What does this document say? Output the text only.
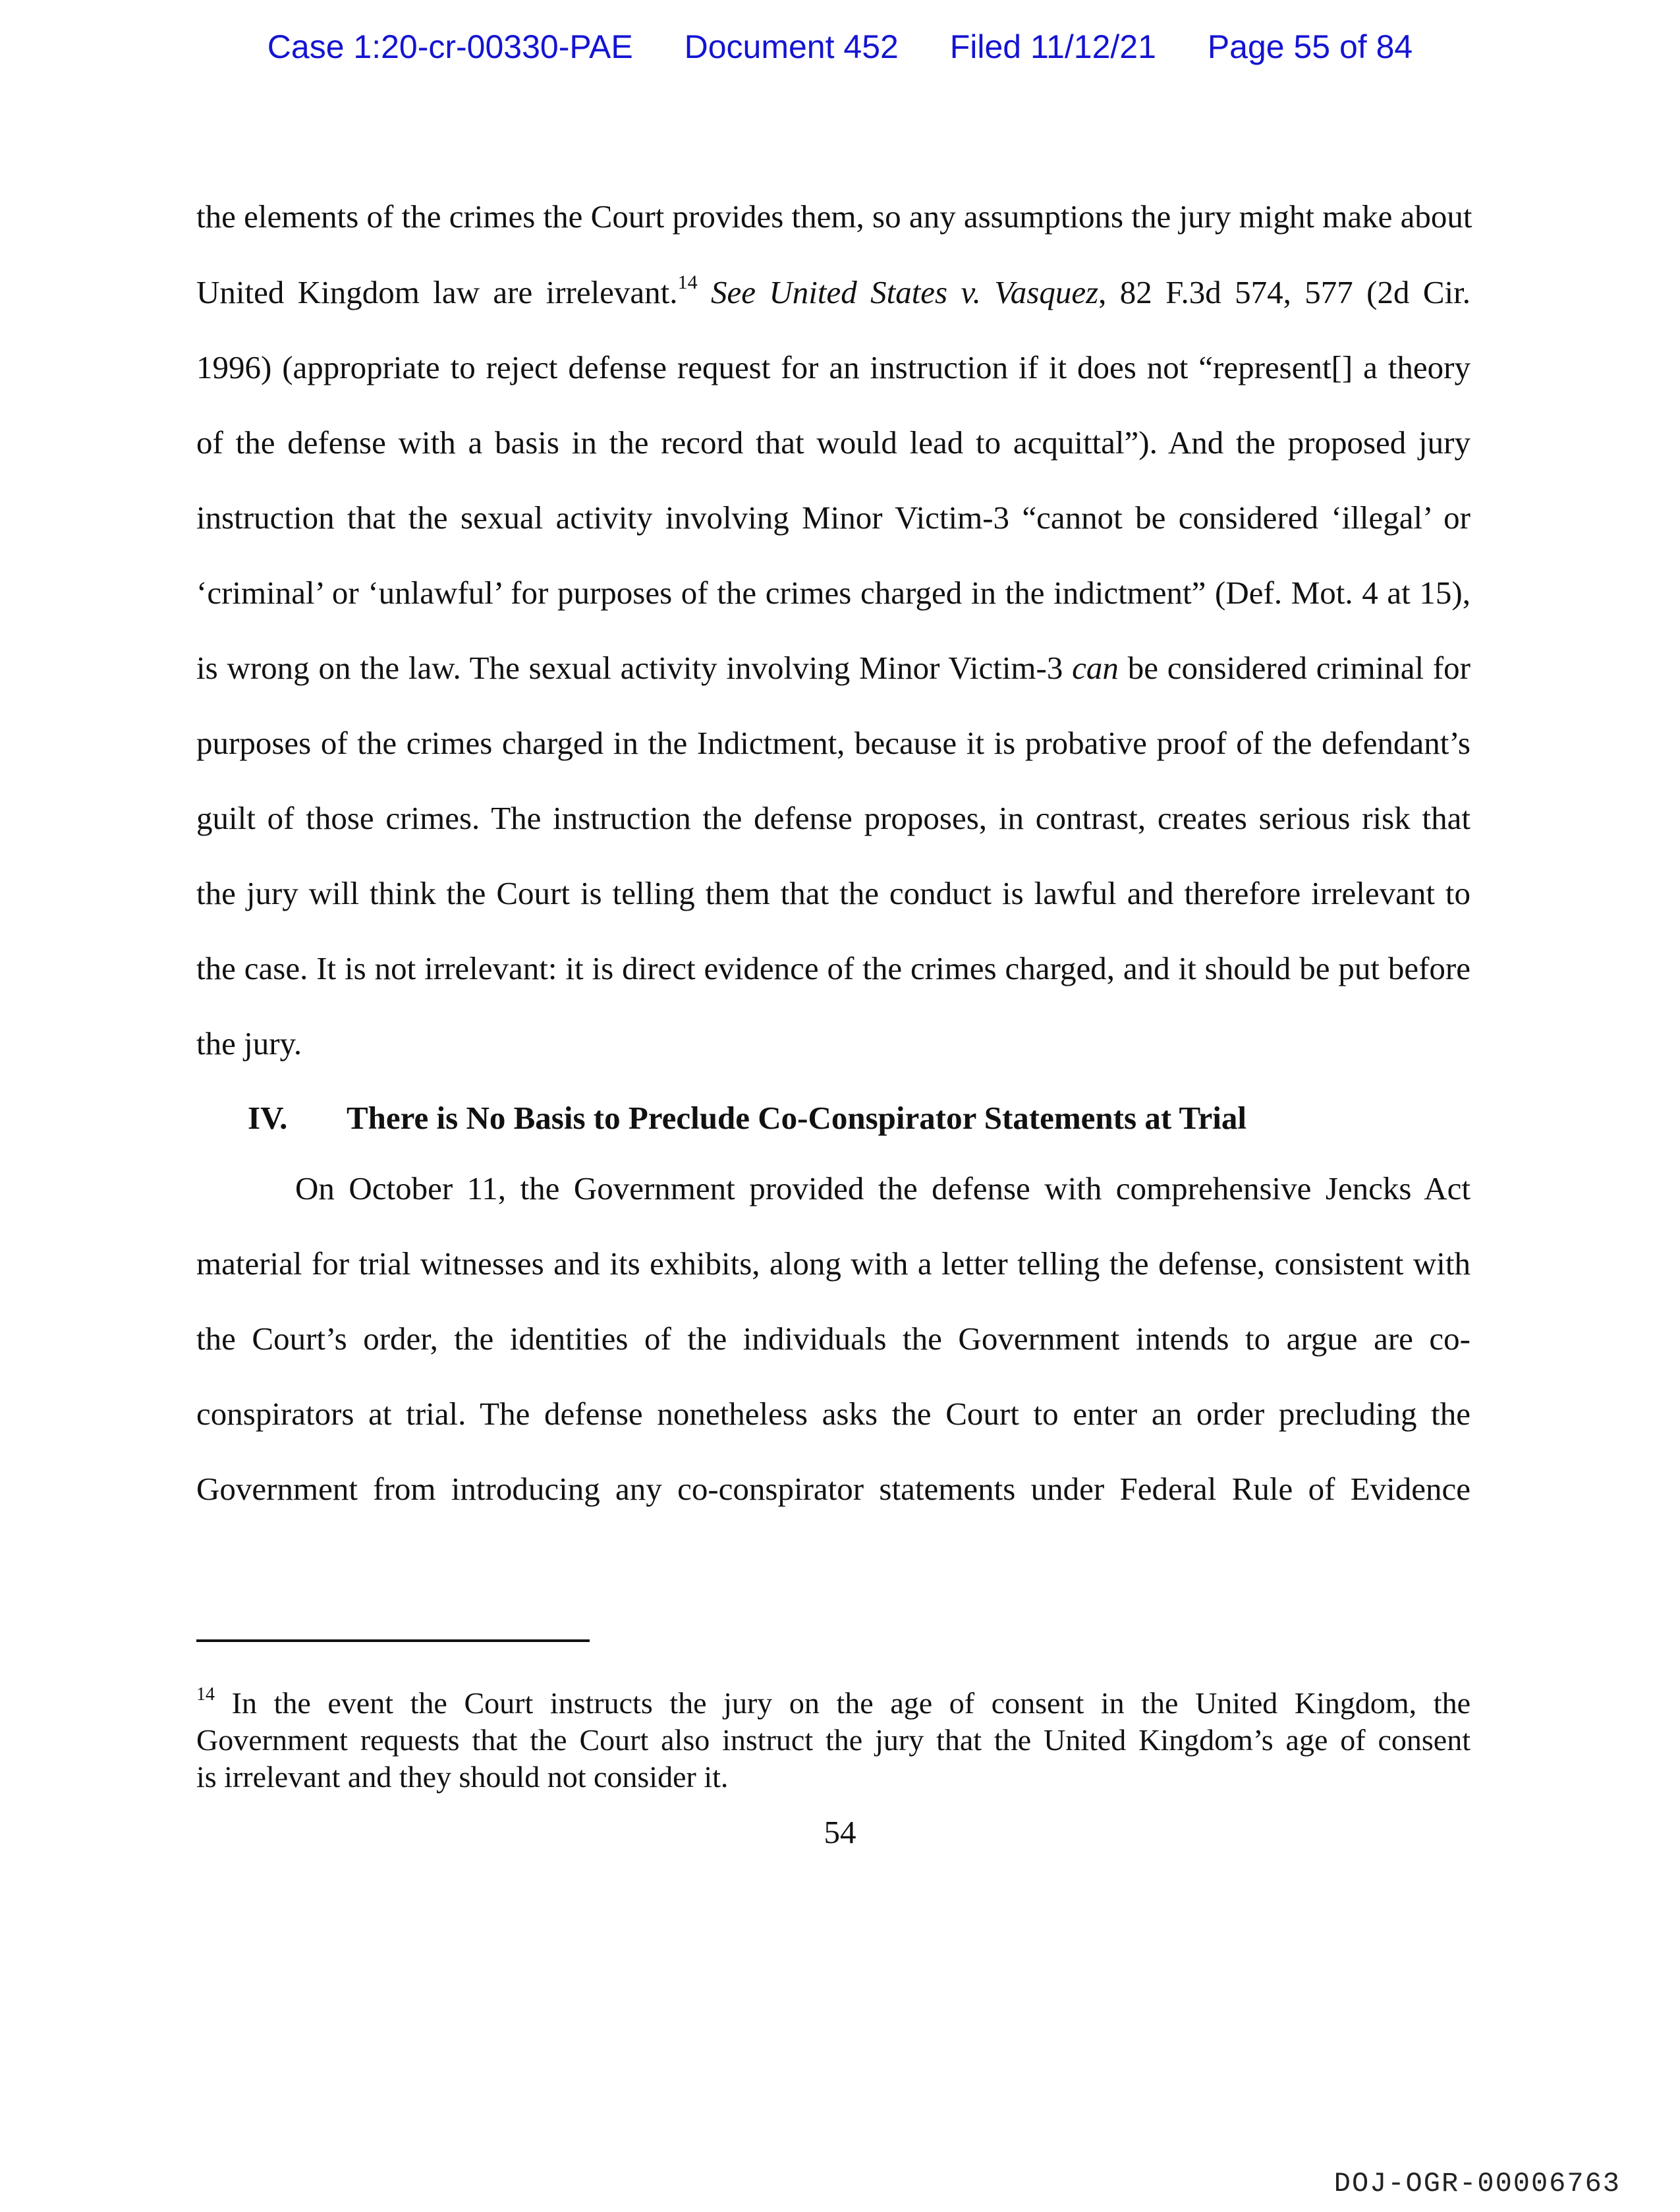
Case 1:20-cr-00330-PAE Document 452 Filed 11/12/21 Page 55 of 84
the elements of the crimes the Court provides them, so any assumptions the jury might make about
United Kingdom law are irrelevant.$^{14}$ See United States v. Vasquez, 82 F.3d 574, 577 (2d Cir.
1996) (appropriate to reject defense request for an instruction if it does not “represent[] a theory
of the defense with a basis in the record that would lead to acquittal”). And the proposed jury
instruction that the sexual activity involving Minor Victim-3 “cannot be considered ‘illegal’ or
‘criminal’ or ‘unlawful’ for purposes of the crimes charged in the indictment” (Def. Mot. 4 at 15),
is wrong on the law. The sexual activity involving Minor Victim-3 can be considered criminal for
purposes of the crimes charged in the Indictment, because it is probative proof of the defendant’s
guilt of those crimes. The instruction the defense proposes, in contrast, creates serious risk that
the jury will think the Court is telling them that the conduct is lawful and therefore irrelevant to
the case. It is not irrelevant: it is direct evidence of the crimes charged, and it should be put before
the jury.
IV. There is No Basis to Preclude Co-Conspirator Statements at Trial
On October 11, the Government provided the defense with comprehensive Jencks Act
material for trial witnesses and its exhibits, along with a letter telling the defense, consistent with
the Court’s order, the identities of the individuals the Government intends to argue are co-
conspirators at trial. The defense nonetheless asks the Court to enter an order precluding the
Government from introducing any co-conspirator statements under Federal Rule of Evidence
$^{14}$ In the event the Court instructs the jury on the age of consent in the United Kingdom, the
Government requests that the Court also instruct the jury that the United Kingdom’s age of consent
is irrelevant and they should not consider it.
54
DOJ-OGR-00006763
